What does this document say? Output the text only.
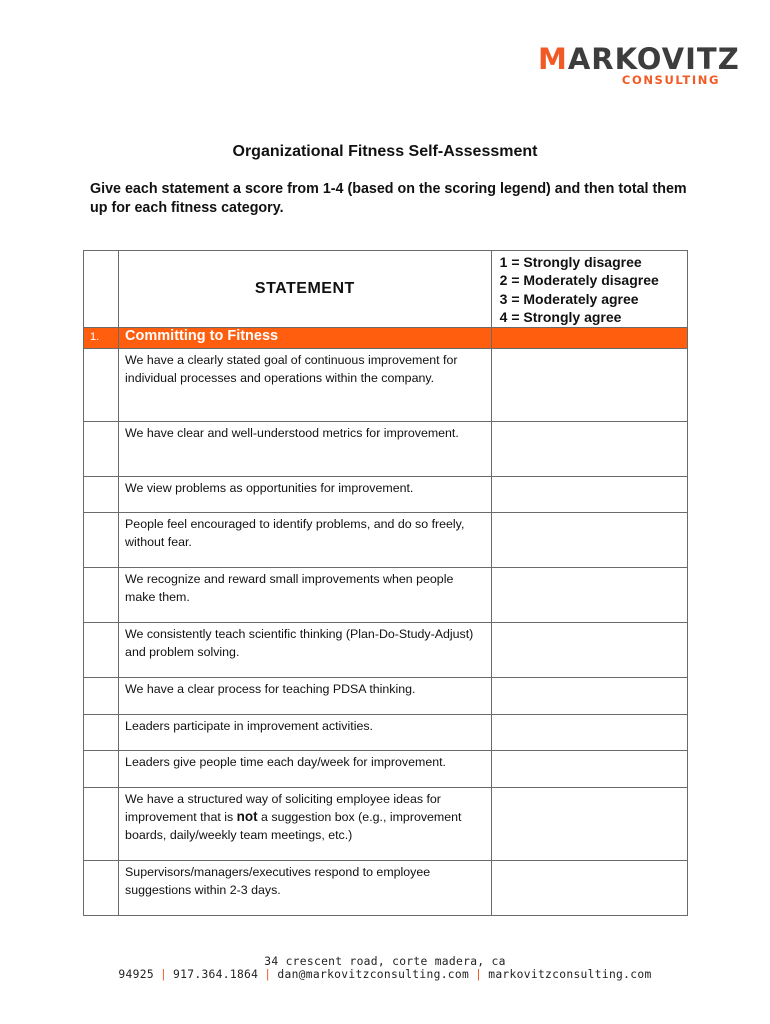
MARKOVITZ
CONSULTING
Organizational Fitness Self-Assessment
Give each statement a score from 1-4 (based on the scoring legend) and then total them up for each fitness category.
	STATEMENT	1 = Strongly disagree
2 = Moderately disagree
3 = Moderately agree
4 = Strongly agree

1.	Committing to Fitness	
	We have a clearly stated goal of continuous improvement for individual processes and operations within the company.	
	We have clear and well-understood metrics for improvement.	
	We view problems as opportunities for improvement.	
	People feel encouraged to identify problems, and do so freely, without fear.	
	We recognize and reward small improvements when people make them.	
	We consistently teach scientific thinking (Plan-Do-Study-Adjust) and problem solving.	
	We have a clear process for teaching PDSA thinking.	
	Leaders participate in improvement activities.	
	Leaders give people time each day/week for improvement.	
	We have a structured way of soliciting employee ideas for improvement that is not a suggestion box (e.g., improvement boards, daily/weekly team meetings, etc.)	
	Supervisors/managers/executives respond to employee suggestions within 2-3 days.	
34 crescent road, corte madera, ca 94925 | 917.364.1864 | dan@markovitzconsulting.com | markovitzconsulting.com
